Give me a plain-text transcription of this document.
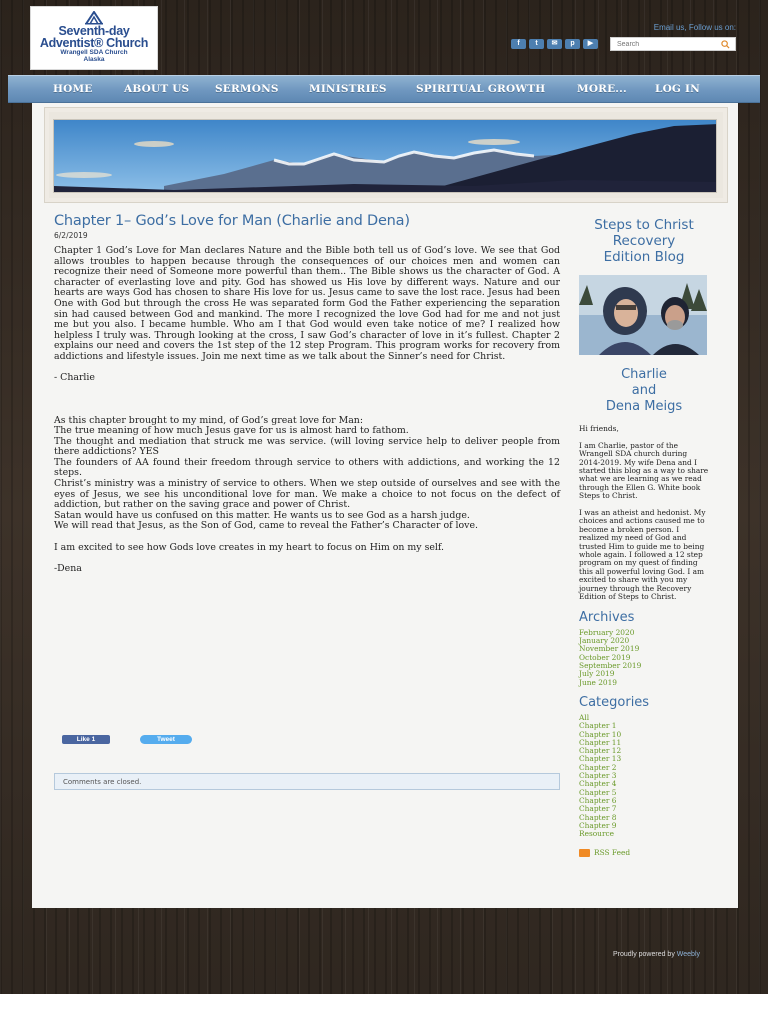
Seventh-day
Adventist® Church
Wrangell SDA Church
Alaska
Email us, Follow us on:
f	t	✉	p	▶
Search
HOME	ABOUT US SERMONS	MINISTRIES	SPIRITUAL GROWTH	MORE...	LOG IN
Chapter 1– God’s Love for Man (Charlie and Dena)
6/2/2019

Chapter 1 God’s Love for Man declares Nature and the Bible both tell us of God’s love. We see that God allows troubles to happen because through the consequences of our choices men and women can recognize their need of Someone more powerful than them.. The Bible shows us the character of God. A character of everlasting love and pity. God has showed us His love by different ways. Nature and our hearts are ways God has chosen to share His love for us. Jesus came to save the lost race. Jesus had been One with God but through the cross He was separated form God the Father experiencing the separation sin had caused between God and mankind. The more I recognized the love God had for me and not just me but you also. I became humble. Who am I that God would even take notice of me? I realized how helpless I truly was. Through looking at the cross, I saw God’s character of love in it’s fullest. Chapter 2 explains our need and covers the 1st step of the 12 step Program. This program works for recovery from addictions and lifestyle issues. Join me next time as we talk about the Sinner’s need for Christ.

- Charlie

As this chapter brought to my mind, of God’s great love for Man:

The true meaning of how much Jesus gave for us is almost hard to fathom.

The thought and mediation that struck me was service. (will loving service help to deliver people from there addictions? YES

The founders of AA found their freedom through service to others with addictions, and working the 12 steps.

Christ’s ministry was a ministry of service to others. When we step outside of ourselves and see with the eyes of Jesus, we see his unconditional love for man. We make a choice to not focus on the defect of addiction, but rather on the saving grace and power of Christ.

Satan would have us confused on this matter. He wants us to see God as a harsh judge.

We will read that Jesus, as the Son of God, came to reveal the Father’s Character of love.

I am excited to see how Gods love creates in my heart to focus on Him on my self.

-Dena

Like 1	Tweet
Comments are closed.
Steps to Christ
Recovery
Edition Blog
Charlie
and
Dena Meigs

Hi friends,

I am Charlie, pastor of the Wrangell SDA church during 2014-2019. My wife Dena and I started this blog as a way to share what we are learning as we read through the Ellen G. White book Steps to Christ.

I was an atheist and hedonist. My choices and actions caused me to become a broken person. I realized my need of God and trusted Him to guide me to being whole again. I followed a 12 step program on my quest of finding this all powerful loving God. I am excited to share with you my journey through the Recovery Edition of Steps to Christ.

Archives
February 2020
January 2020
November 2019
October 2019
September 2019
July 2019
June 2019
Categories
All
Chapter 1
Chapter 10
Chapter 11
Chapter 12
Chapter 13
Chapter 2
Chapter 3
Chapter 4
Chapter 5
Chapter 6
Chapter 7
Chapter 8
Chapter 9
Resource
RSS Feed
Proudly powered by Weebly
